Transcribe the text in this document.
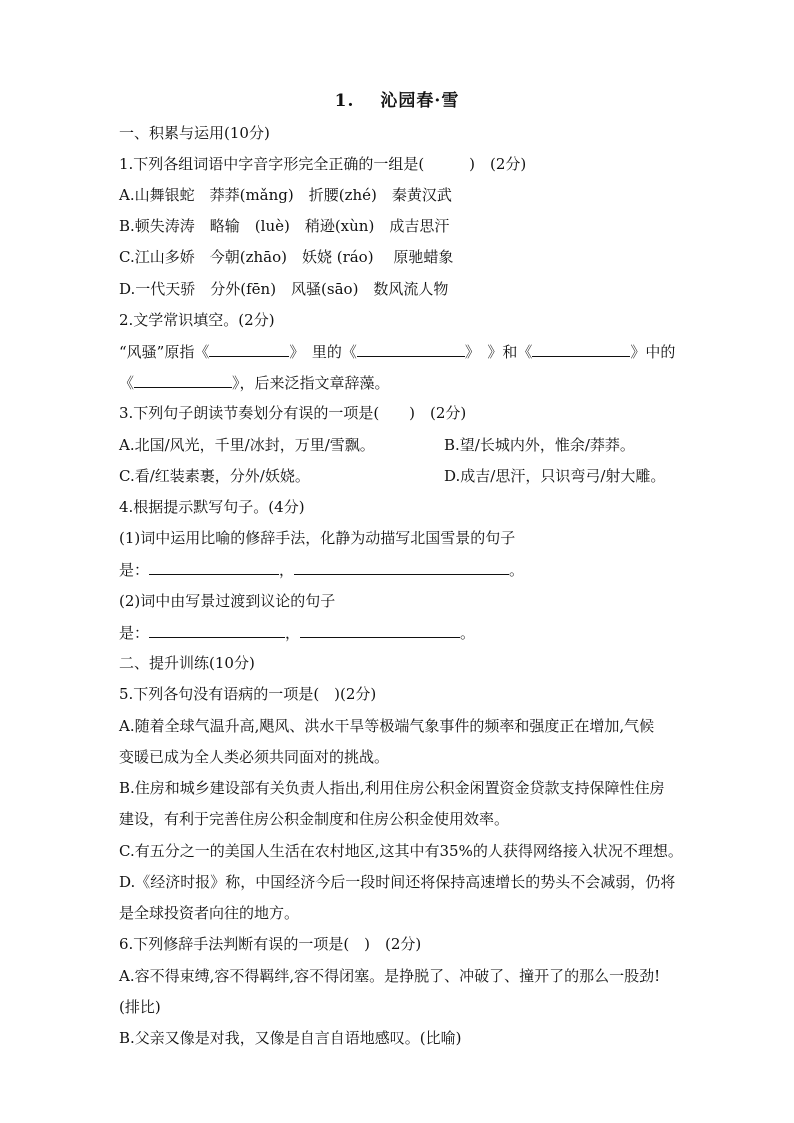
1. 沁园春·雪
一、积累与运用(10分)
1.下列各组词语中字音字形完全正确的一组是(　　　)　(2分)
A.山舞银蛇　莽莽(mǎng)　折腰(zhé)　秦黄汉武
B.顿失涛涛　略输　(luè)　稍逊(xùn)　成吉思汗
C.江山多娇　今朝(zhāo)　妖娆 (ráo)　 原驰蜡象
D.一代天骄　分外(fēn)　风骚(sāo)　数风流人物
2.文学常识填空。(2分)
“风骚”原指《	》　里的《	》　》和《	》中的
《	》，后来泛指文章辞藻。
3.下列句子朗读节奏划分有误的一项是(　　)　(2分)
A.北国/风光，千里/冰封，万里/雪飘。	B.望/长城内外，惟余/莽莽。
C.看/红装素裹，分外/妖娆。	D.成吉/思汗，只识弯弓/射大雕。
4.根据提示默写句子。(4分)
(1)词中运用比喻的修辞手法，化静为动描写北国雪景的句子
是：	，	。
(2)词中由写景过渡到议论的句子
是：	，	。
二、提升训练(10分)
5.下列各句没有语病的一项是(　)(2分)
A.随着全球气温升高,飓风、洪水干旱等极端气象事件的频率和强度正在增加,气候
变暖已成为全人类必须共同面对的挑战。
B.住房和城乡建设部有关负责人指出,利用住房公积金闲置资金贷款支持保障性住房
建设，有利于完善住房公积金制度和住房公积金使用效率。
C.有五分之一的美国人生活在农村地区,这其中有35%的人获得网络接入状况不理想。
D.《经济时报》称，中国经济今后一段时间还将保持高速增长的势头不会减弱，仍将
是全球投资者向往的地方。
6.下列修辞手法判断有误的一项是(　)　(2分)
A.容不得束缚,容不得羁绊,容不得闭塞。是挣脱了、冲破了、撞开了的那么一股劲!
(排比)
B.父亲又像是对我，又像是自言自语地感叹。(比喻)
